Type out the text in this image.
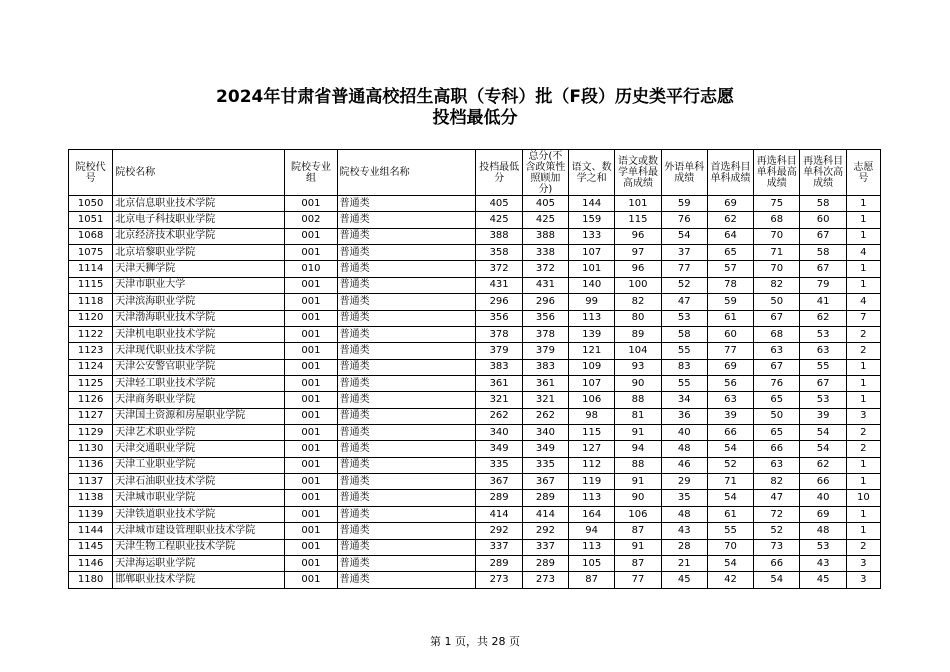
2024年甘肃省普通高校招生高职（专科）批（F段）历史类平行志愿
投档最低分
院校代号	院校名称	院校专业组	院校专业组名称	投档最低分	总分(不含政策性照顾加分)	语文、数学之和	语文或数学单科最高成绩	外语单科成绩	首选科目单科成绩	再选科目单科最高成绩	再选科目单科次高成绩	志愿号
1050	北京信息职业技术学院	001	普通类	405	405	144	101	59	69	75	58	1
1051	北京电子科技职业学院	002	普通类	425	425	159	115	76	62	68	60	1
1068	北京经济技术职业学院	001	普通类	388	388	133	96	54	64	70	67	1
1075	北京培黎职业学院	001	普通类	358	338	107	97	37	65	71	58	4
1114	天津天狮学院	010	普通类	372	372	101	96	77	57	70	67	1
1115	天津市职业大学	001	普通类	431	431	140	100	52	78	82	79	1
1118	天津滨海职业学院	001	普通类	296	296	99	82	47	59	50	41	4
1120	天津渤海职业技术学院	001	普通类	356	356	113	80	53	61	67	62	7
1122	天津机电职业技术学院	001	普通类	378	378	139	89	58	60	68	53	2
1123	天津现代职业技术学院	001	普通类	379	379	121	104	55	77	63	63	2
1124	天津公安警官职业学院	001	普通类	383	383	109	93	83	69	67	55	1
1125	天津轻工职业技术学院	001	普通类	361	361	107	90	55	56	76	67	1
1126	天津商务职业学院	001	普通类	321	321	106	88	34	63	65	53	1
1127	天津国土资源和房屋职业学院	001	普通类	262	262	98	81	36	39	50	39	3
1129	天津艺术职业学院	001	普通类	340	340	115	91	40	66	65	54	2
1130	天津交通职业学院	001	普通类	349	349	127	94	48	54	66	54	2
1136	天津工业职业学院	001	普通类	335	335	112	88	46	52	63	62	1
1137	天津石油职业技术学院	001	普通类	367	367	119	91	29	71	82	66	1
1138	天津城市职业学院	001	普通类	289	289	113	90	35	54	47	40	10
1139	天津铁道职业技术学院	001	普通类	414	414	164	106	48	61	72	69	1
1144	天津城市建设管理职业技术学院	001	普通类	292	292	94	87	43	55	52	48	1
1145	天津生物工程职业技术学院	001	普通类	337	337	113	91	28	70	73	53	2
1146	天津海运职业学院	001	普通类	289	289	105	87	21	54	66	43	3
1180	邯郸职业技术学院	001	普通类	273	273	87	77	45	42	54	45	3
第 1 页，共 28 页
